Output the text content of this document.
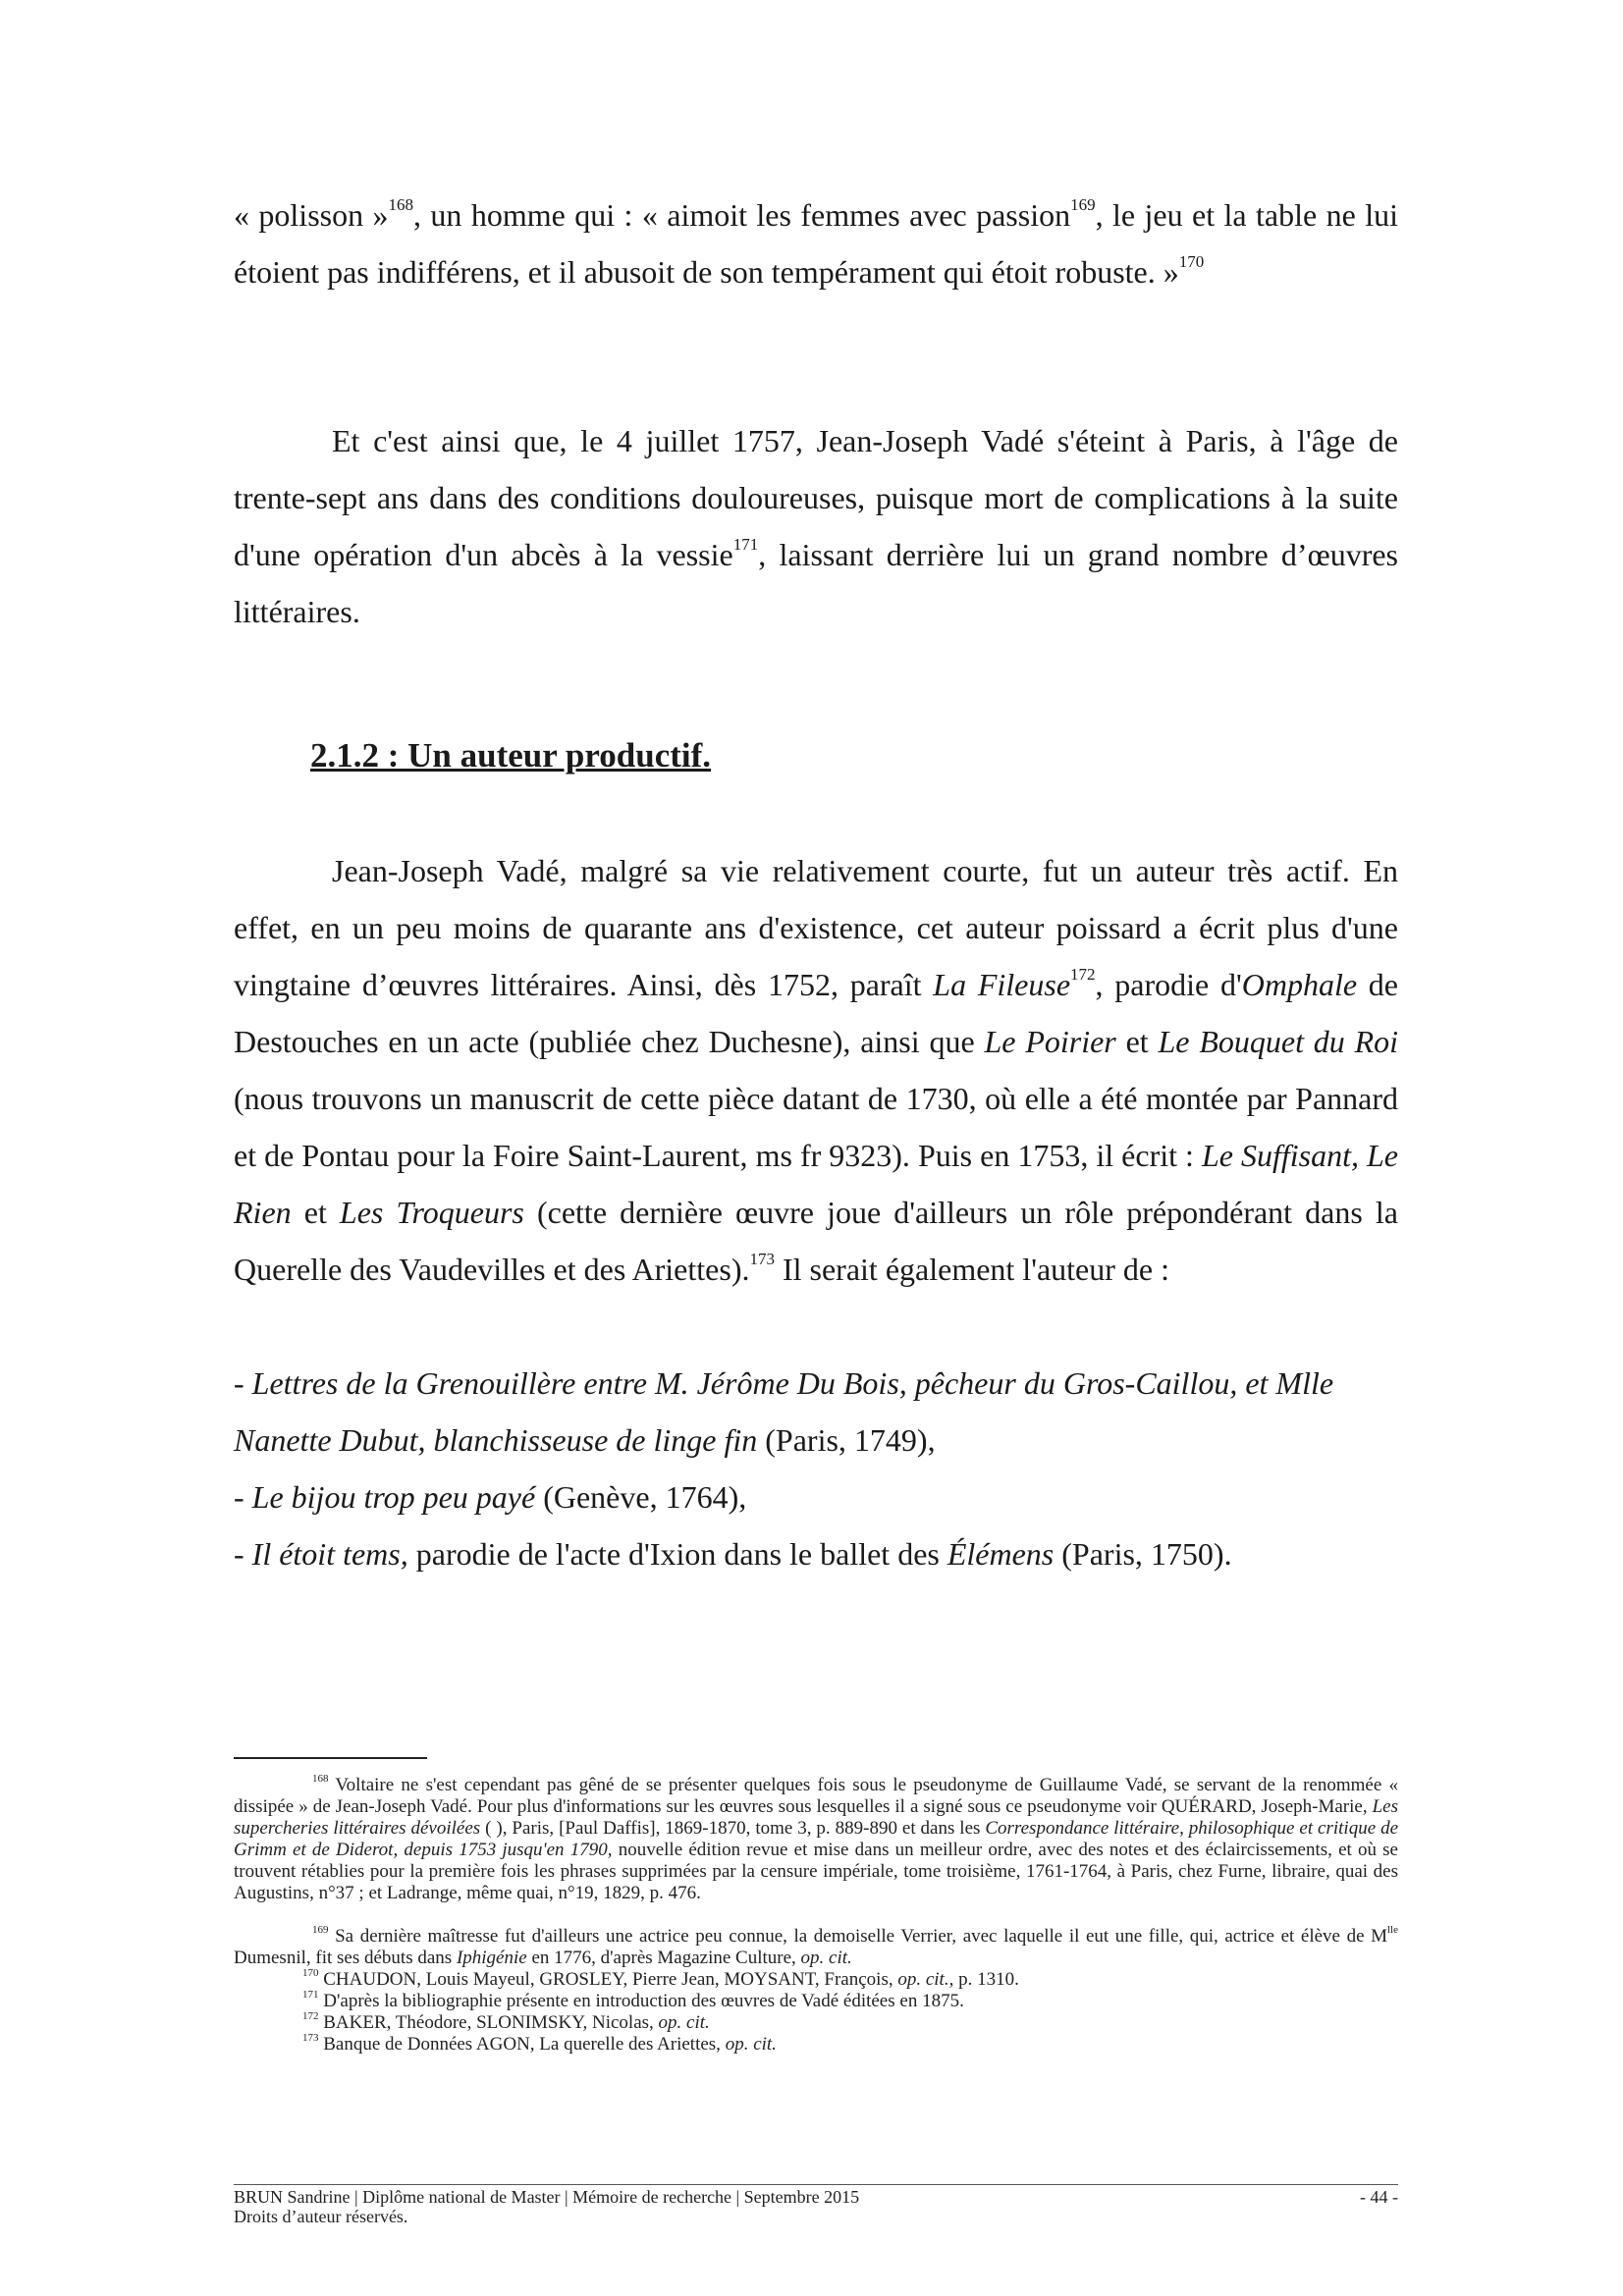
« polisson »$^{168}$, un homme qui : « aimoit les femmes avec passion$^{169}$, le jeu et la table ne lui étoient pas indifférens, et il abusoit de son tempérament qui étoit robuste. »$^{170}$

Et c'est ainsi que, le 4 juillet 1757, Jean-Joseph Vadé s'éteint à Paris, à l'âge de trente-sept ans dans des conditions douloureuses, puisque mort de complications à la suite d'une opération d'un abcès à la vessie$^{171}$, laissant derrière lui un grand nombre d’œuvres littéraires.

2.1.2 : Un auteur productif.

Jean-Joseph Vadé, malgré sa vie relativement courte, fut un auteur très actif. En effet, en un peu moins de quarante ans d'existence, cet auteur poissard a écrit plus d'une vingtaine d’œuvres littéraires. Ainsi, dès 1752, paraît La Fileuse$^{172}$, parodie d'Omphale de Destouches en un acte (publiée chez Duchesne), ainsi que Le Poirier et Le Bouquet du Roi (nous trouvons un manuscrit de cette pièce datant de 1730, où elle a été montée par Pannard et de Pontau pour la Foire Saint-Laurent, ms fr 9323). Puis en 1753, il écrit : Le Suffisant, Le Rien et Les Troqueurs (cette dernière œuvre joue d'ailleurs un rôle prépondérant dans la Querelle des Vaudevilles et des Ariettes).$^{173}$ Il serait également l'auteur de :

- Lettres de la Grenouillère entre M. Jérôme Du Bois, pêcheur du Gros-Caillou, et Mlle Nanette Dubut, blanchisseuse de linge fin (Paris, 1749),

- Le bijou trop peu payé (Genève, 1764),

- Il étoit tems, parodie de l'acte d'Ixion dans le ballet des Élémens (Paris, 1750).

$^{168}$ Voltaire ne s'est cependant pas gêné de se présenter quelques fois sous le pseudonyme de Guillaume Vadé, se servant de la renommée « dissipée » de Jean-Joseph Vadé. Pour plus d'informations sur les œuvres sous lesquelles il a signé sous ce pseudonyme voir QUÉRARD, Joseph-Marie, Les supercheries littéraires dévoilées ( ), Paris, [Paul Daffis], 1869-1870, tome 3, p. 889-890 et dans les Correspondance littéraire, philosophique et critique de Grimm et de Diderot, depuis 1753 jusqu'en 1790, nouvelle édition revue et mise dans un meilleur ordre, avec des notes et des éclaircissements, et où se trouvent rétablies pour la première fois les phrases supprimées par la censure impériale, tome troisième, 1761-1764, à Paris, chez Furne, libraire, quai des Augustins, n°37 ; et Ladrange, même quai, n°19, 1829, p. 476.

$^{169}$ Sa dernière maîtresse fut d'ailleurs une actrice peu connue, la demoiselle Verrier, avec laquelle il eut une fille, qui, actrice et élève de $M^{lle}$ Dumesnil, fit ses débuts dans Iphigénie en 1776, d'après Magazine Culture, op. cit.

$^{170}$ CHAUDON, Louis Mayeul, GROSLEY, Pierre Jean, MOYSANT, François, op. cit., p. 1310.

$^{171}$ D'après la bibliographie présente en introduction des œuvres de Vadé éditées en 1875.

$^{172}$ BAKER, Théodore, SLONIMSKY, Nicolas, op. cit.

$^{173}$ Banque de Données AGON, La querelle des Ariettes, op. cit.

BRUN Sandrine | Diplôme national de Master | Mémoire de recherche | Septembre 2015
Droits d’auteur réservés.
- 44 -
